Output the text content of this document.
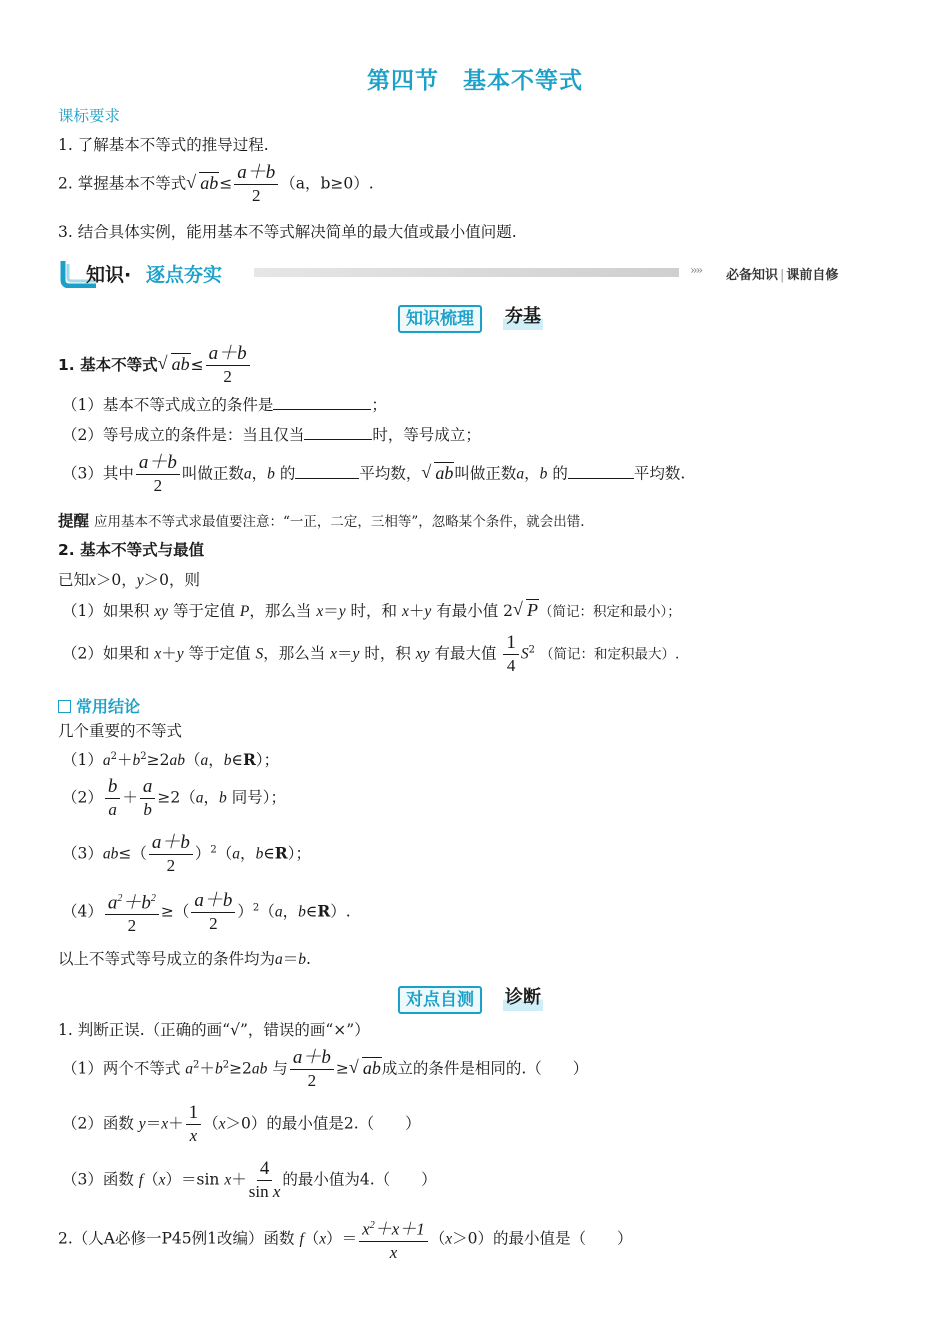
第四节 基本不等式
课标要求
1. 了解基本不等式的推导过程.
2. 掌握基本不等式 √ $ab\le \frac{a+b}{2} (a$，b≥0）.
3. 结合具体实例，能用基本不等式解决简单的最大值或最小值问题.
知识· 逐点夯实	›››› 必备知识 | 课前自修
知识梳理	夯基
1. 基本不等式 √ $ab\le \frac{a+b}{2}$
（1）基本不等式成立的条件是	；
（2）等号成立的条件是：当且仅当	时，等号成立；
（3）其中 $\frac{a+b}{2}$ 叫做正数a，b 的	平均数， √ ab叫做正数a，b 的	平均数.
提醒 应用基本不等式求最值要注意：“一正，二定，三相等”，忽略某个条件，就会出错.
2. 基本不等式与最值
已知x＞0，y＞0，则
（1）如果积 xy 等于定值 P，那么当 x＝y 时，和 x＋y 有最小值 2 √ P（简记：积定和最小）；
（2）如果和 x＋y 等于定值 S，那么当 x＝y 时，积 xy 有最大值 $\frac{1}{4} S^2$ （简记：和定积最大）.
常用结论
几个重要的不等式
$(1)a^2+b^2\ge 2ab(a$，b∈R）；
$(2) \frac{b}{a} + \frac{a}{b} \ge 2(a$，b 同号）；
$(3)ab\le( \frac{a+b}{2} )^2(a$，b∈R）；
$(4) \frac{a^2+b^2}{2}$ ≥（ $\frac{a+b}{2} )^2(a$，b∈R）.
以上不等式等号成立的条件均为a＝b.
对点自测	诊断
1. 判断正误.（正确的画“√”，错误的画“×”）
（1）两个不等式 $a^2+b^2\ge 2ab$ 与 $\frac{a+b}{2}$ ≥ √ ab成立的条件是相同的.（　　）
（2）函数 $y=x+ \frac{1}{x} (x>0)$的最小值是2.（　　）
（3）函数 f（x）＝sin $x+ \frac{4}{\text{sin x}}$ 的最小值为4.（　　）
2.（人A必修一P45例1改编）函数 $f(x)= \frac{x^2+x+1}{x} (x>0)$的最小值是（　　）
